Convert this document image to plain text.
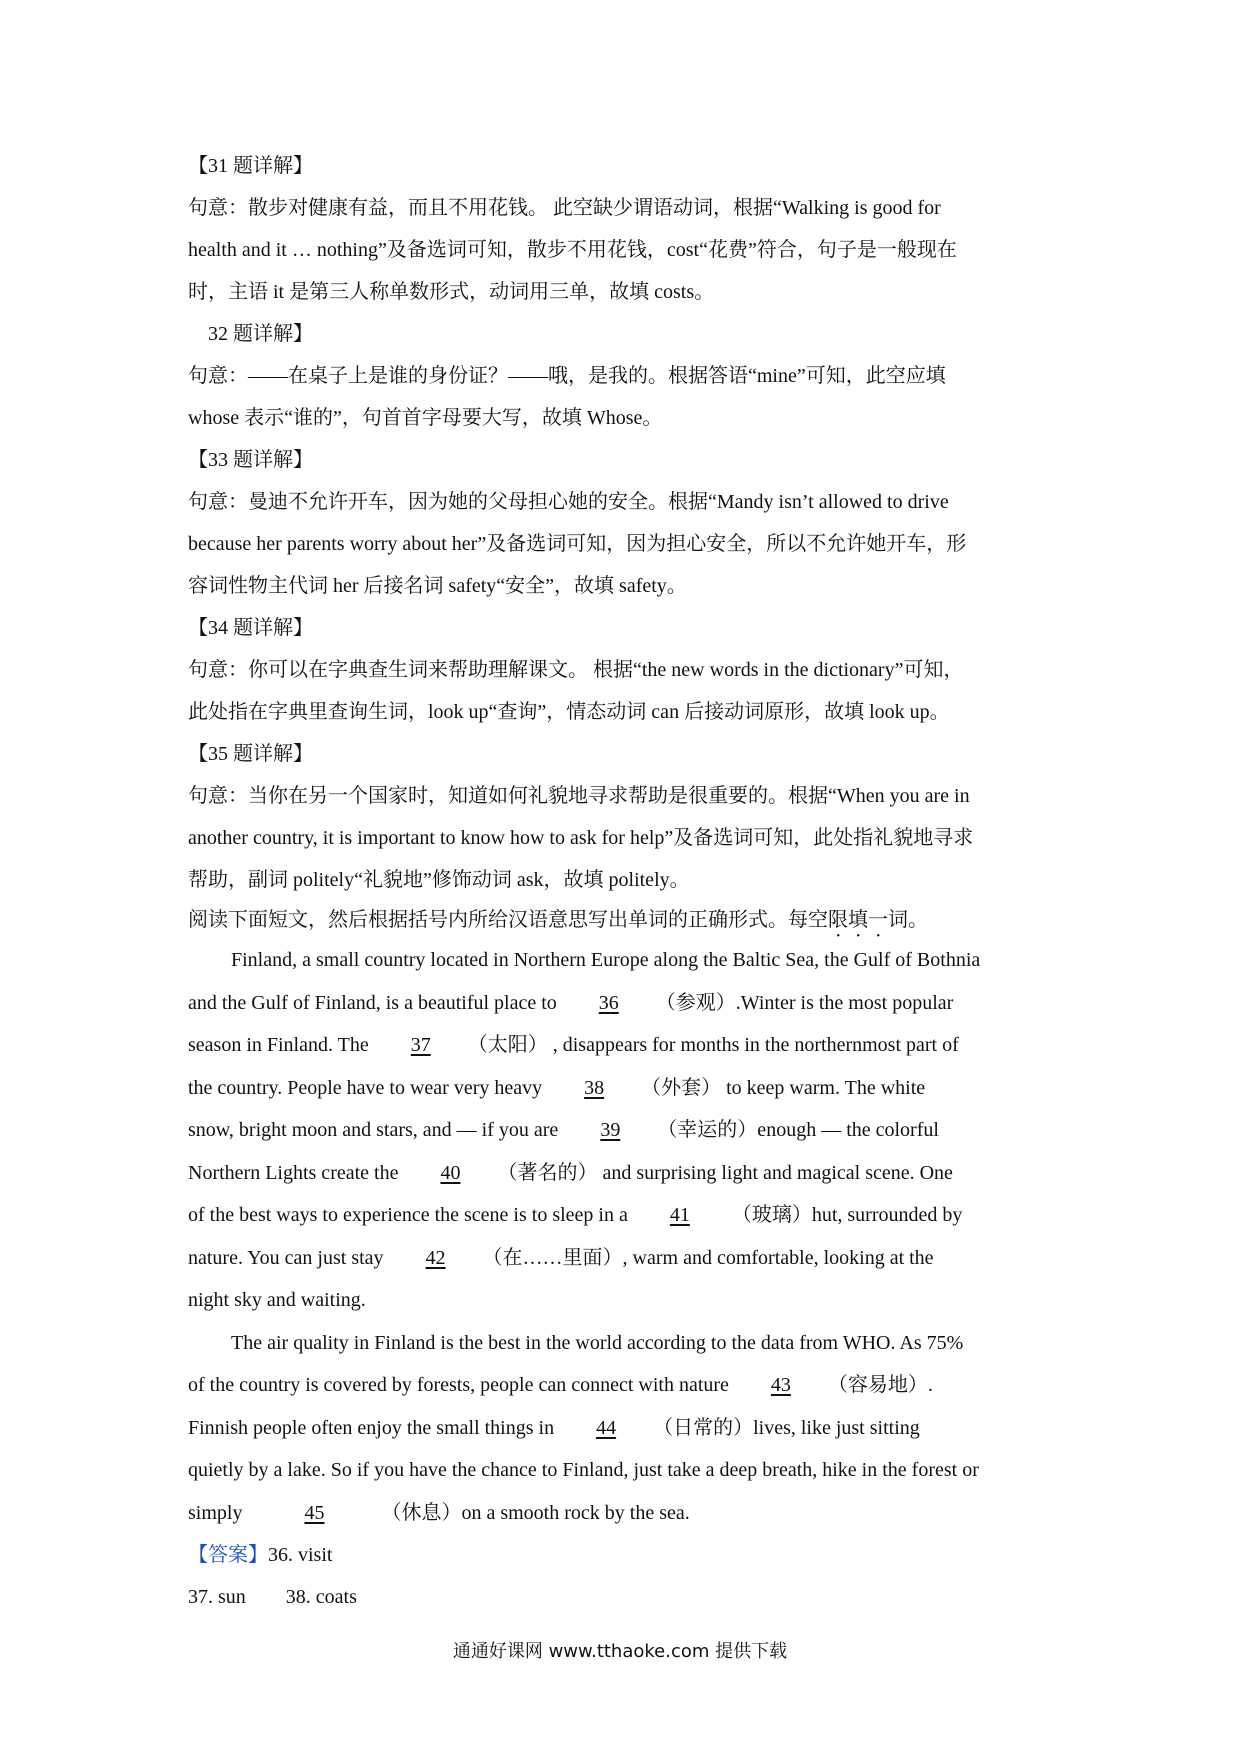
【31 题详解】
句意：散步对健康有益，而且不用花钱。 此空缺少谓语动词，根据“Walking is good for
health and it … nothing”及备选词可知，散步不用花钱，cost“花费”符合，句子是一般现在
时，主语 it 是第三人称单数形式，动词用三单，故填 costs。
32 题详解】
句意：——在桌子上是谁的身份证？——哦，是我的。根据答语“mine”可知，此空应填
whose 表示“谁的”，句首首字母要大写，故填 Whose。
【33 题详解】
句意：曼迪不允许开车，因为她的父母担心她的安全。根据“Mandy isn’t allowed to drive
because her parents worry about her”及备选词可知，因为担心安全，所以不允许她开车，形
容词性物主代词 her 后接名词 safety“安全”，故填 safety。
【34 题详解】
句意：你可以在字典查生词来帮助理解课文。 根据“the new words in the dictionary”可知，
此处指在字典里查询生词，look up“查询”，情态动词 can 后接动词原形，故填 look up。
【35 题详解】
句意：当你在另一个国家时，知道如何礼貌地寻求帮助是很重要的。根据“When you are in
another country, it is important to know how to ask for help”及备选词可知，此处指礼貌地寻求
帮助，副词 politely“礼貌地”修饰动词 ask，故填 politely。
阅读下面短文，然后根据括号内所给汉语意思写出单词的正确形式。每空限填一词。
Finland, a small country located in Northern Europe along the Baltic Sea, the Gulf of Bothnia
and the Gulf of Finland, is a beautiful place to 36 （参观）.Winter is the most popular
season in Finland. The 37 （太阳） , disappears for months in the northernmost part of
the country. People have to wear very heavy 38 （外套） to keep warm. The white
snow, bright moon and stars, and — if you are 39 （幸运的）enough — the colorful
Northern Lights create the 40 （著名的） and surprising light and magical scene. One
of the best ways to experience the scene is to sleep in a 41 （玻璃）hut, surrounded by
nature. You can just stay 42 （在……里面）, warm and comfortable, looking at the
night sky and waiting.
The air quality in Finland is the best in the world according to the data from WHO. As 75%
of the country is covered by forests, people can connect with nature 43 （容易地）.
Finnish people often enjoy the small things in 44 （日常的）lives, like just sitting
quietly by a lake. So if you have the chance to Finland, just take a deep breath, hike in the forest or
simply	45	（休息）on a smooth rock by the sea.
【答案】36. visit
37. sun 38. coats
通通好课网 www.tthaoke.com 提供下载
